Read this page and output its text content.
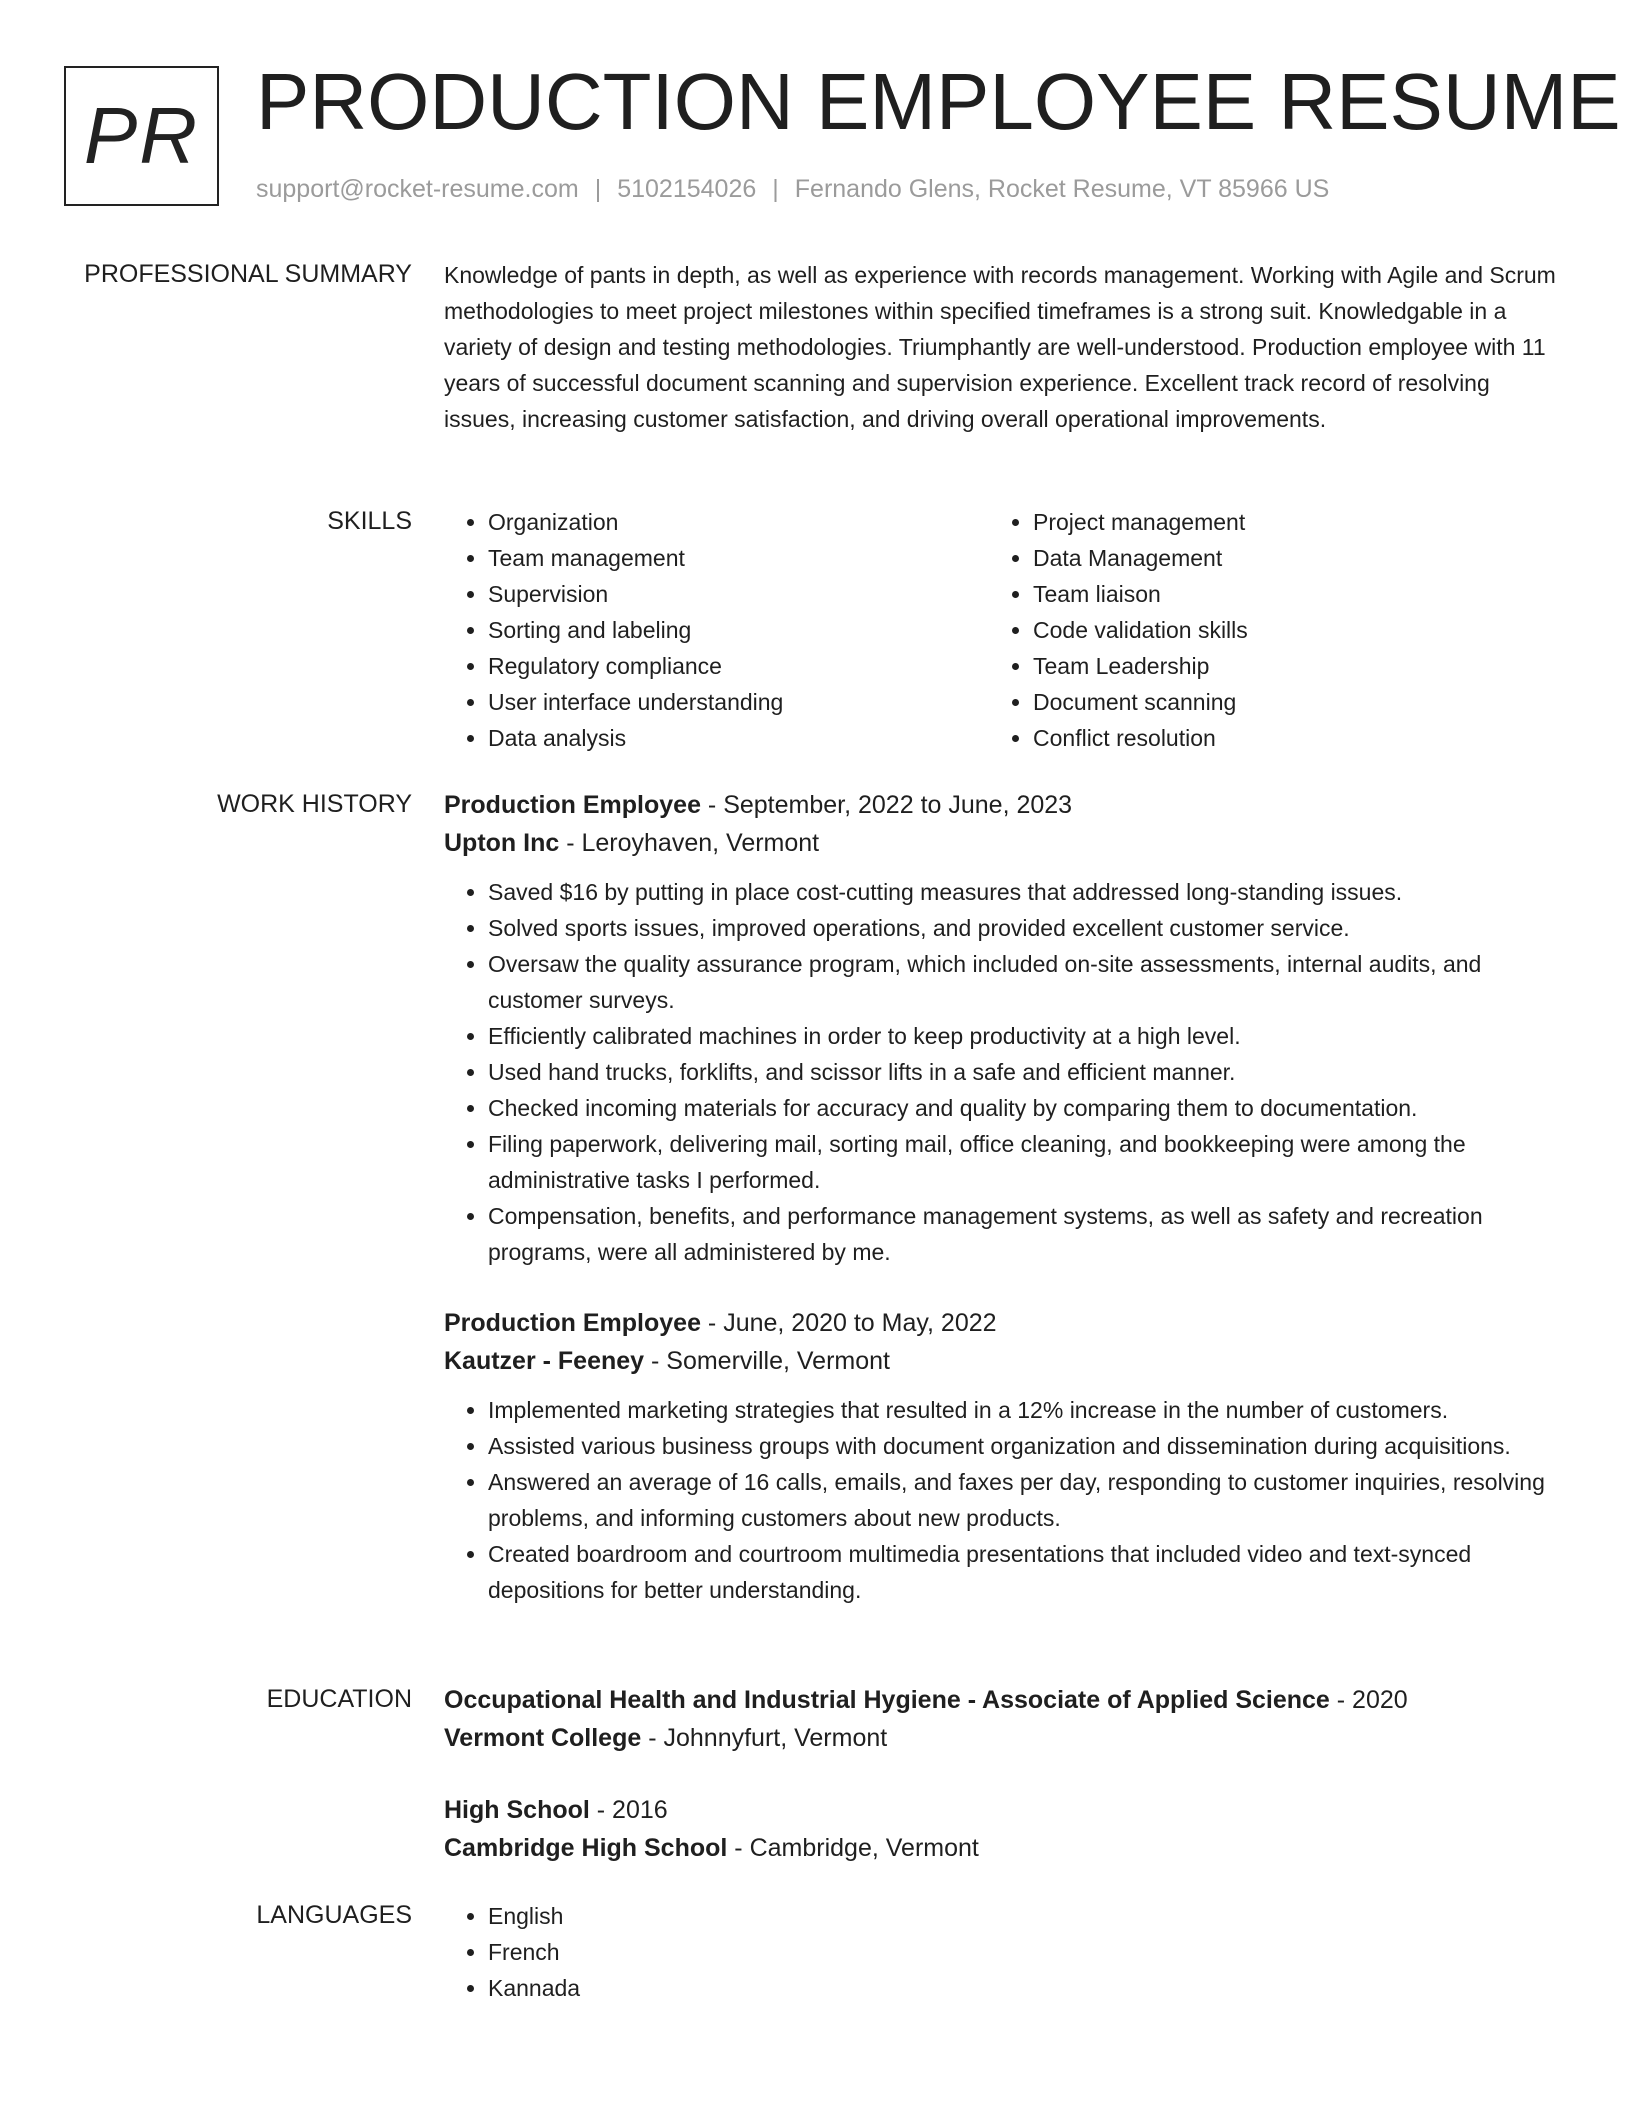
PR PRODUCTION EMPLOYEE RESUME
support@rocket-resume.com | 5102154026 | Fernando Glens, Rocket Resume, VT 85966 US
PROFESSIONAL SUMMARY Knowledge of pants in depth, as well as experience with records management. Working with Agile and Scrum methodologies to meet project milestones within specified timeframes is a strong suit. Knowledgable in a variety of design and testing methodologies. Triumphantly are well-understood. Production employee with 11 years of successful document scanning and supervision experience. Excellent track record of resolving issues, increasing customer satisfaction, and driving overall operational improvements.

SKILLS	• Organization
• Team management
• Supervision
• Sorting and labeling
• Regulatory compliance
• User interface understanding
• Data analysis
• Project management
• Data Management
• Team liaison
• Code validation skills
• Team Leadership
• Document scanning
• Conflict resolution
WORK HISTORY Production Employee - September, 2022 to June, 2023
Upton Inc - Leroyhaven, Vermont
• Saved $16 by putting in place cost-cutting measures that addressed long-standing issues.
• Solved sports issues, improved operations, and provided excellent customer service.
• Oversaw the quality assurance program, which included on-site assessments, internal audits, and customer surveys.
• Efficiently calibrated machines in order to keep productivity at a high level.
• Used hand trucks, forklifts, and scissor lifts in a safe and efficient manner.
• Checked incoming materials for accuracy and quality by comparing them to documentation.
• Filing paperwork, delivering mail, sorting mail, office cleaning, and bookkeeping were among the administrative tasks I performed.
• Compensation, benefits, and performance management systems, as well as safety and recreation programs, were all administered by me.
Production Employee - June, 2020 to May, 2022
Kautzer - Feeney - Somerville, Vermont
• Implemented marketing strategies that resulted in a 12% increase in the number of customers.
• Assisted various business groups with document organization and dissemination during acquisitions.
• Answered an average of 16 calls, emails, and faxes per day, responding to customer inquiries, resolving problems, and informing customers about new products.
• Created boardroom and courtroom multimedia presentations that included video and text-synced depositions for better understanding.
EDUCATION Occupational Health and Industrial Hygiene - Associate of Applied Science - 2020
Vermont College - Johnnyfurt, Vermont
High School - 2016
Cambridge High School - Cambridge, Vermont
LANGUAGES	• English
• French
• Kannada
